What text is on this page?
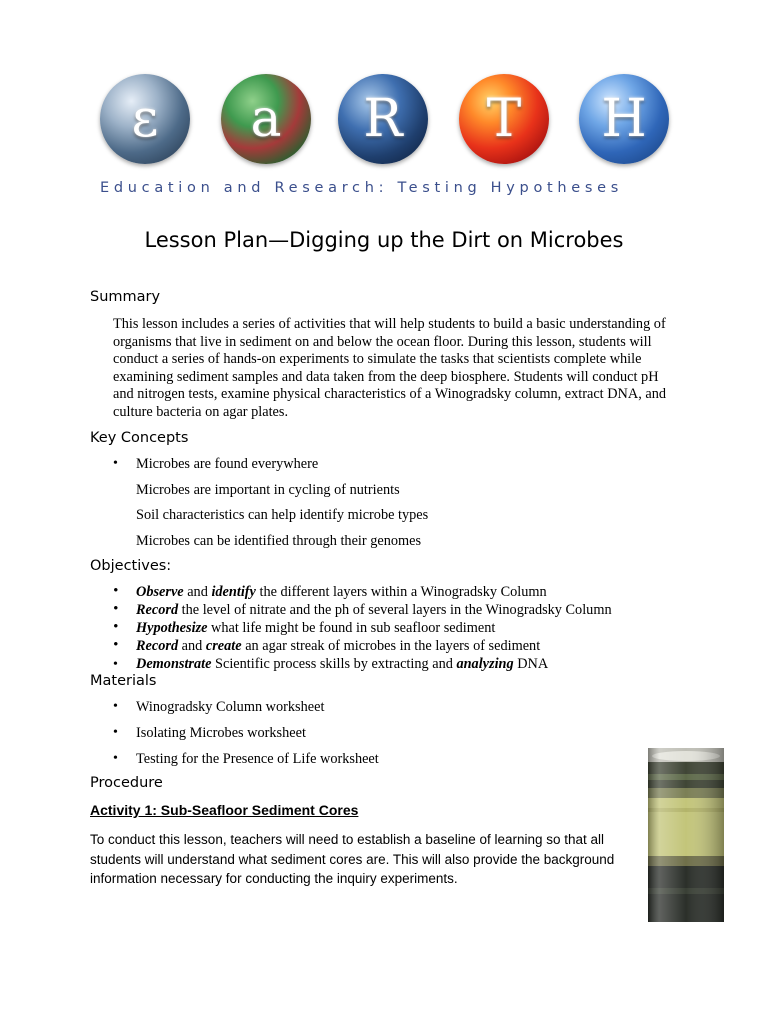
ε a R T H
Education and Research: Testing Hypotheses
Lesson Plan—Digging up the Dirt on Microbes
Summary
This lesson includes a series of activities that will help students to build a basic understanding of organisms that live in sediment on and below the ocean floor. During this lesson, students will conduct a series of hands-on experiments to simulate the tasks that scientists complete while examining sediment samples and data taken from the deep biosphere. Students will conduct pH and nitrogen tests, examine physical characteristics of a Winogradsky column, extract DNA, and culture bacteria on agar plates.
Key Concepts
• Microbes are found everywhere
Microbes are important in cycling of nutrients
Soil characteristics can help identify microbe types
Microbes can be identified through their genomes
Objectives:
• Observe and identify the different layers within a Winogradsky Column
• Record the level of nitrate and the ph of several layers in the Winogradsky Column
• Hypothesize what life might be found in sub seafloor sediment
• Record and create an agar streak of microbes in the layers of sediment
• Demonstrate Scientific process skills by extracting and analyzing DNA
Materials
• Winogradsky Column worksheet
• Isolating Microbes worksheet
• Testing for the Presence of Life worksheet
Procedure
Activity 1: Sub-Seafloor Sediment Cores
To conduct this lesson, teachers will need to establish a baseline of learning so that all students will understand what sediment cores are. This will also provide the background information necessary for conducting the inquiry experiments.
